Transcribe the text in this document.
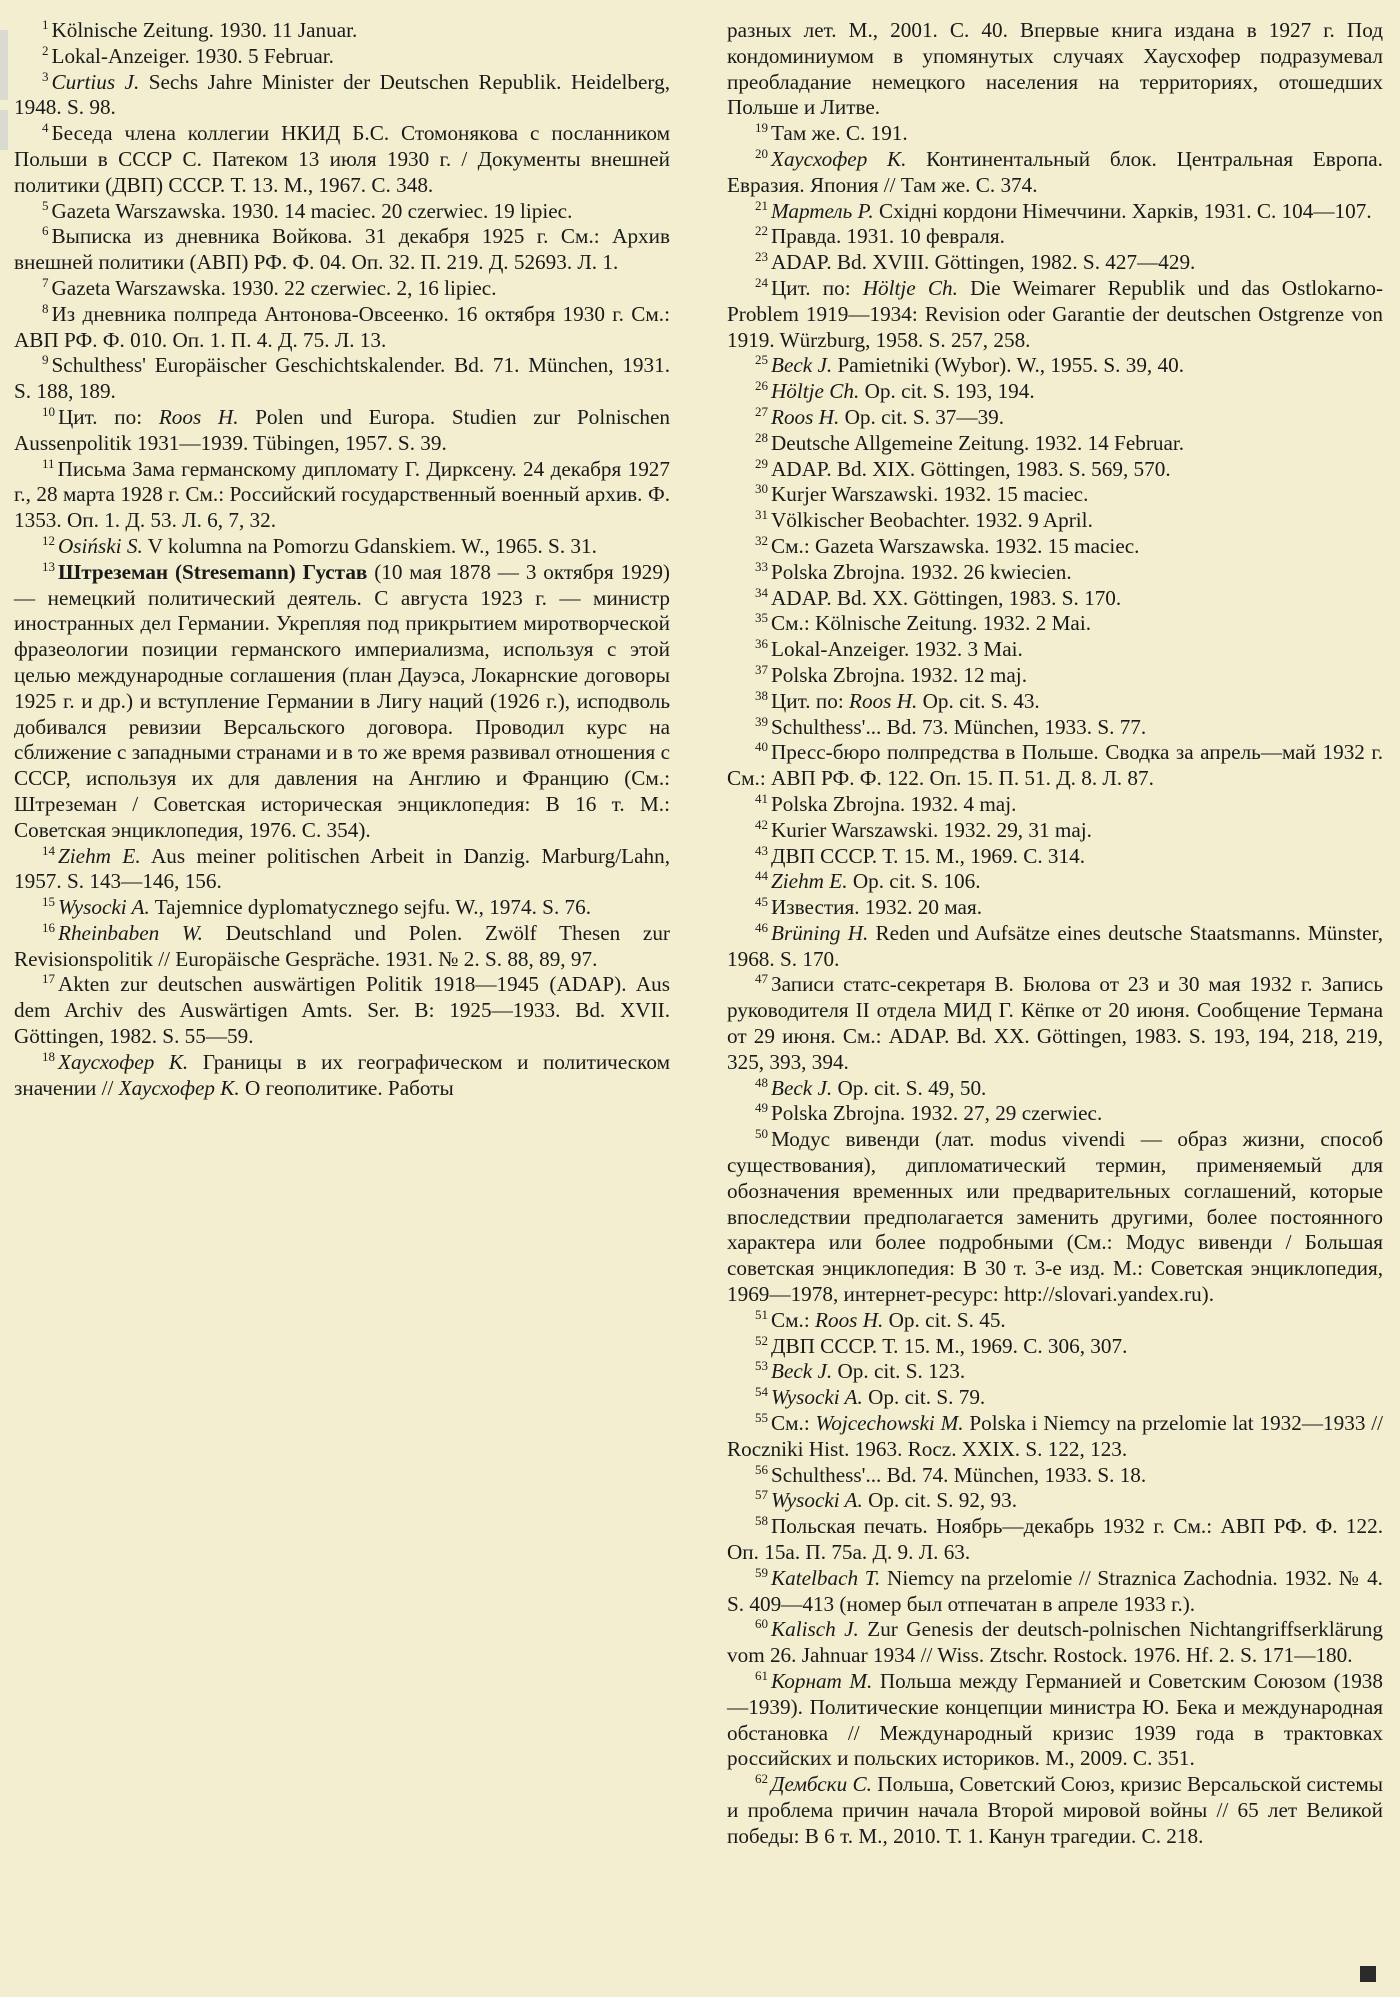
$^1$ Kölnische Zeitung. 1930. 11 Januar.

$^2$ Lokal-Anzeiger. 1930. 5 Februar.

$^3$ Curtius J. Sechs Jahre Minister der Deutschen Republik. Heidelberg, 1948. S. 98.

$^4$ Беседа члена коллегии НКИД Б.С. Стомонякова с посланником Польши в СССР С. Патеком 13 июля 1930 г. / Документы внешней политики (ДВП) СССР. Т. 13. М., 1967. С. 348.

$^5$ Gazeta Warszawska. 1930. 14 maciec. 20 czerwiec. 19 lipiec.

$^6$ Выписка из дневника Войкова. 31 декабря 1925 г. См.: Архив внешней политики (АВП) РФ. Ф. 04. Оп. 32. П. 219. Д. 52693. Л. 1.

$^7$ Gazeta Warszawska. 1930. 22 czerwiec. 2, 16 lipiec.

$^8$ Из дневника полпреда Антонова-Овсеенко. 16 октября 1930 г. См.: АВП РФ. Ф. 010. Оп. 1. П. 4. Д. 75. Л. 13.

$^9$ Schulthess' Europäischer Geschichtskalender. Bd. 71. München, 1931. S. 188, 189.

$^{10}$ Цит. по: Roos H. Polen und Europa. Studien zur Polnischen Aussenpolitik 1931—1939. Tübingen, 1957. S. 39.

$^{11}$ Письма Зама германскому дипломату Г. Дирксену. 24 декабря 1927 г., 28 марта 1928 г. См.: Российский государственный военный архив. Ф. 1353. Оп. 1. Д. 53. Л. 6, 7, 32.

$^{12}$ Osiński S. V kolumna na Pomorzu Gdanskiem. W., 1965. S. 31.

$^{13}$ Штреземан (Stresemann) Густав (10 мая 1878 — 3 октября 1929) — немецкий политический деятель. С августа 1923 г. — министр иностранных дел Германии. Укрепляя под прикрытием миротворческой фразеологии позиции германского империализма, используя с этой целью международные соглашения (план Дауэса, Локарнские договоры 1925 г. и др.) и вступление Германии в Лигу наций (1926 г.), исподволь добивался ревизии Версальского договора. Проводил курс на сближение с западными странами и в то же время развивал отношения с СССР, используя их для давления на Англию и Францию (См.: Штреземан / Советская историческая энциклопедия: В 16 т. М.: Советская энциклопедия, 1976. С. 354).

$^{14}$ Ziehm E. Aus meiner politischen Arbeit in Danzig. Marburg/Lahn, 1957. S. 143—146, 156.

$^{15}$ Wysocki A. Tajemnice dyplomatycznego sejfu. W., 1974. S. 76.

$^{16}$ Rheinbaben W. Deutschland und Polen. Zwölf Thesen zur Revisionspolitik // Europäische Gespräche. 1931. № 2. S. 88, 89, 97.

$^{17}$ Akten zur deutschen auswärtigen Politik 1918—1945 (ADAP). Aus dem Archiv des Auswärtigen Amts. Ser. B: 1925—1933. Bd. XVII. Göttingen, 1982. S. 55—59.

$^{18}$ Хаусхофер К. Границы в их географическом и политическом значении // Хаусхофер К. О геополитике. Работы

разных лет. М., 2001. С. 40. Впервые книга издана в 1927 г. Под кондоминиумом в упомянутых случаях Хаусхофер подразумевал преобладание немецкого населения на территориях, отошедших Польше и Литве.

$^{19}$ Там же. С. 191.

$^{20}$ Хаусхофер К. Континентальный блок. Центральная Европа. Евразия. Япония // Там же. С. 374.

$^{21}$ Мартель Р. Східні кордони Німеччини. Харків, 1931. С. 104—107.

$^{22}$ Правда. 1931. 10 февраля.

$^{23}$ ADAP. Bd. XVIII. Göttingen, 1982. S. 427—429.

$^{24}$ Цит. по: Höltje Ch. Die Weimarer Republik und das Ostlokarno-Problem 1919—1934: Revision oder Garantie der deutschen Ostgrenze von 1919. Würzburg, 1958. S. 257, 258.

$^{25}$ Beck J. Pamietniki (Wybor). W., 1955. S. 39, 40.

$^{26}$ Höltje Ch. Op. cit. S. 193, 194.

$^{27}$ Roos H. Op. cit. S. 37—39.

$^{28}$ Deutsche Allgemeine Zeitung. 1932. 14 Februar.

$^{29}$ ADAP. Bd. XIX. Göttingen, 1983. S. 569, 570.

$^{30}$ Kurjer Warszawski. 1932. 15 maciec.

$^{31}$ Völkischer Beobachter. 1932. 9 April.

$^{32}$ См.: Gazeta Warszawska. 1932. 15 maciec.

$^{33}$ Polska Zbrojna. 1932. 26 kwiecien.

$^{34}$ ADAP. Bd. XX. Göttingen, 1983. S. 170.

$^{35}$ См.: Kölnische Zeitung. 1932. 2 Mai.

$^{36}$ Lokal-Anzeiger. 1932. 3 Mai.

$^{37}$ Polska Zbrojna. 1932. 12 maj.

$^{38}$ Цит. по: Roos H. Op. cit. S. 43.

$^{39}$ Schulthess'... Bd. 73. München, 1933. S. 77.

$^{40}$ Пресс-бюро полпредства в Польше. Сводка за апрель—май 1932 г. См.: АВП РФ. Ф. 122. Оп. 15. П. 51. Д. 8. Л. 87.

$^{41}$ Polska Zbrojna. 1932. 4 maj.

$^{42}$ Kurier Warszawski. 1932. 29, 31 maj.

$^{43}$ ДВП СССР. Т. 15. М., 1969. С. 314.

$^{44}$ Ziehm E. Op. cit. S. 106.

$^{45}$ Известия. 1932. 20 мая.

$^{46}$ Brüning H. Reden und Aufsätze eines deutsche Staatsmanns. Münster, 1968. S. 170.

$^{47}$ Записи статс-секретаря В. Бюлова от 23 и 30 мая 1932 г. Запись руководителя II отдела МИД Г. Кёпке от 20 июня. Сообщение Термана от 29 июня. См.: ADAP. Bd. XX. Göttingen, 1983. S. 193, 194, 218, 219, 325, 393, 394.

$^{48}$ Beck J. Op. cit. S. 49, 50.

$^{49}$ Polska Zbrojna. 1932. 27, 29 czerwiec.

$^{50}$ Модус вивенди (лат. modus vivendi — образ жизни, способ существования), дипломатический термин, применяемый для обозначения временных или предварительных соглашений, которые впоследствии предполагается заменить другими, более постоянного характера или более подробными (См.: Модус вивенди / Большая советская энциклопедия: В 30 т. 3-е изд. М.: Советская энциклопедия, 1969—1978, интернет-ресурс: http://slovari.yandex.ru).

$^{51}$ См.: Roos H. Op. cit. S. 45.

$^{52}$ ДВП СССР. Т. 15. М., 1969. С. 306, 307.

$^{53}$ Beck J. Op. cit. S. 123.

$^{54}$ Wysocki A. Op. cit. S. 79.

$^{55}$ См.: Wojcechowski M. Polska i Niemcy na przelomie lat 1932—1933 // Roczniki Hist. 1963. Rocz. XXIX. S. 122, 123.

$^{56}$ Schulthess'... Bd. 74. München, 1933. S. 18.

$^{57}$ Wysocki A. Op. cit. S. 92, 93.

$^{58}$ Польская печать. Ноябрь—декабрь 1932 г. См.: АВП РФ. Ф. 122. Оп. 15а. П. 75а. Д. 9. Л. 63.

$^{59}$ Katelbach T. Niemcy na przelomie // Straznica Zachodnia. 1932. № 4. S. 409—413 (номер был отпечатан в апреле 1933 г.).

$^{60}$ Kalisch J. Zur Genesis der deutsch-polnischen Nichtangriffserklärung vom 26. Jahnuar 1934 // Wiss. Ztschr. Rostock. 1976. Hf. 2. S. 171—180.

$^{61}$ Корнат М. Польша между Германией и Советским Союзом (1938—1939). Политические концепции министра Ю. Бека и международная обстановка // Международный кризис 1939 года в трактовках российских и польских историков. М., 2009. С. 351.

$^{62}$ Дембски С. Польша, Советский Союз, кризис Версальской системы и проблема причин начала Второй мировой войны // 65 лет Великой победы: В 6 т. М., 2010. Т. 1. Канун трагедии. С. 218.
